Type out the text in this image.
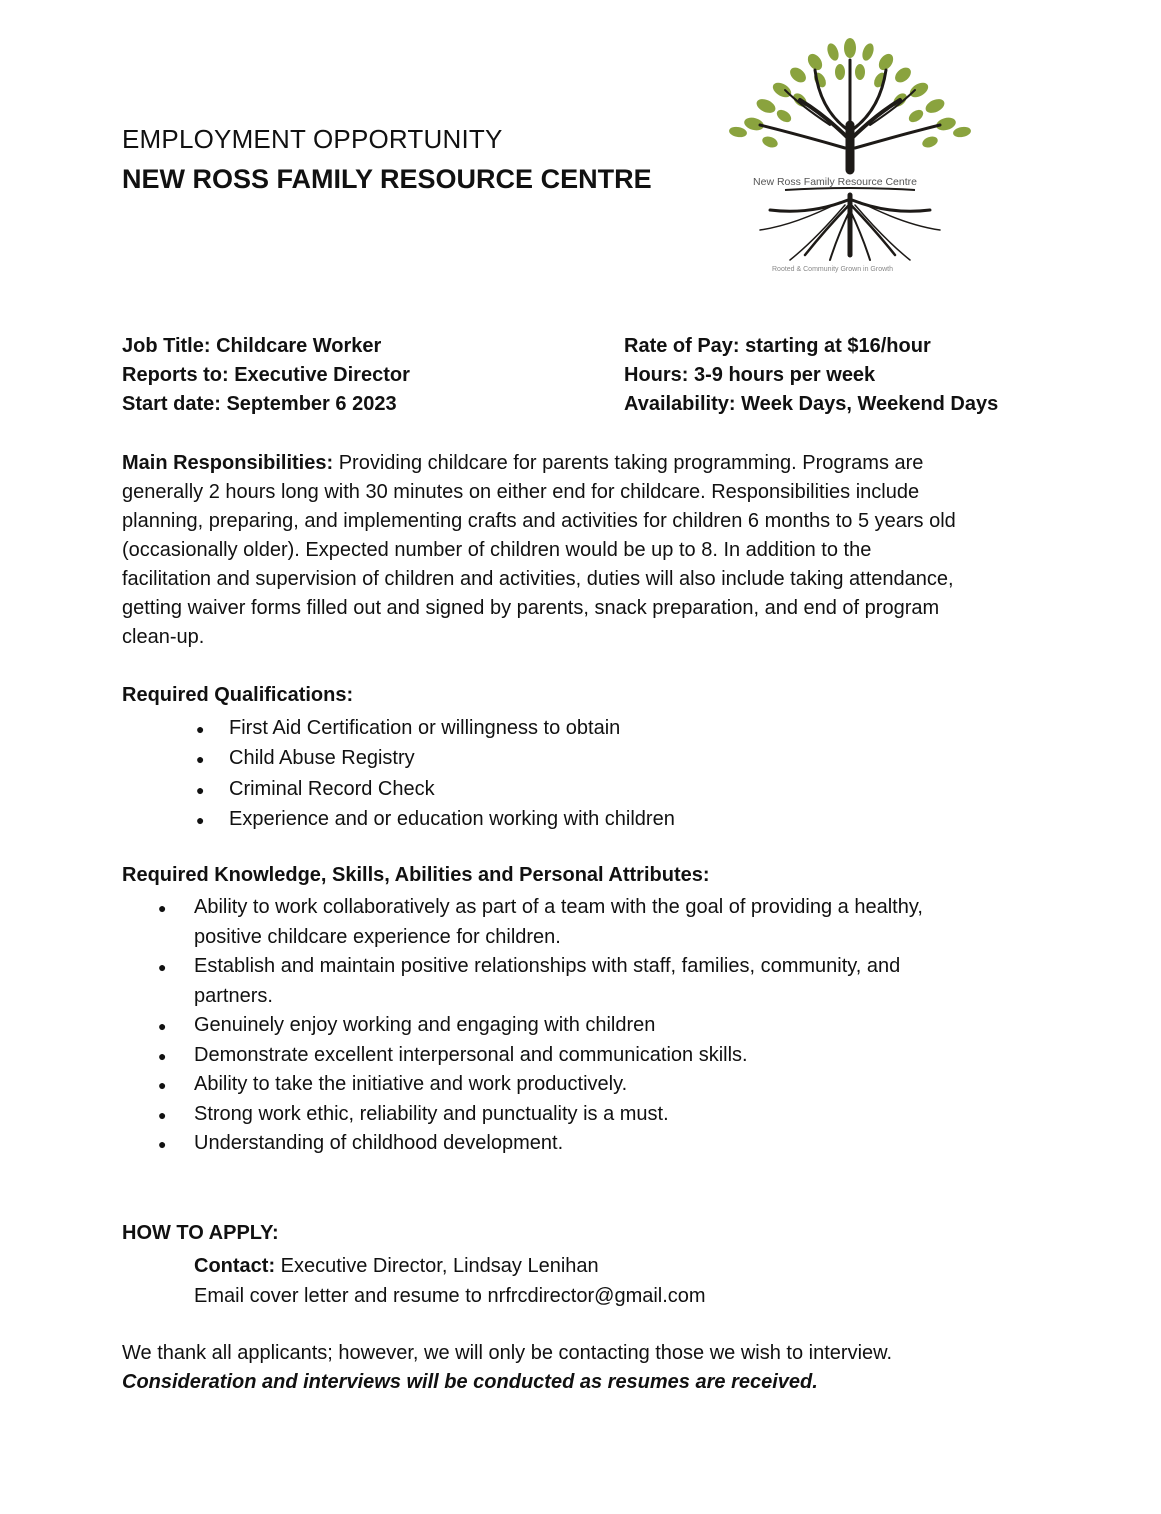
EMPLOYMENT OPPORTUNITY
NEW ROSS FAMILY RESOURCE CENTRE	New Ross Family Resource Centre
Rooted & Community Grown in Growth
Job Title: Childcare Worker
Reports to: Executive Director
Start date: September 6 2023
Rate of Pay: starting at $16/hour
Hours: 3-9 hours per week
Availability: Week Days, Weekend Days
Main Responsibilities: Providing childcare for parents taking programming. Programs are
generally 2 hours long with 30 minutes on either end for childcare. Responsibilities include
planning, preparing, and implementing crafts and activities for children 6 months to 5 years old
(occasionally older). Expected number of children would be up to 8. In addition to the
facilitation and supervision of children and activities, duties will also include taking attendance,
getting waiver forms filled out and signed by parents, snack preparation, and end of program
clean-up.
Required Qualifications:
● First Aid Certification or willingness to obtain
● Child Abuse Registry
● Criminal Record Check
● Experience and or education working with children
Required Knowledge, Skills, Abilities and Personal Attributes:
● Ability to work collaboratively as part of a team with the goal of providing a healthy,
positive childcare experience for children.
● Establish and maintain positive relationships with staff, families, community, and
partners.
● Genuinely enjoy working and engaging with children
● Demonstrate excellent interpersonal and communication skills.
● Ability to take the initiative and work productively.
● Strong work ethic, reliability and punctuality is a must.
● Understanding of childhood development.
HOW TO APPLY:
Contact: Executive Director, Lindsay Lenihan
Email cover letter and resume to nrfrcdirector@gmail.com
We thank all applicants; however, we will only be contacting those we wish to interview.
Consideration and interviews will be conducted as resumes are received.
